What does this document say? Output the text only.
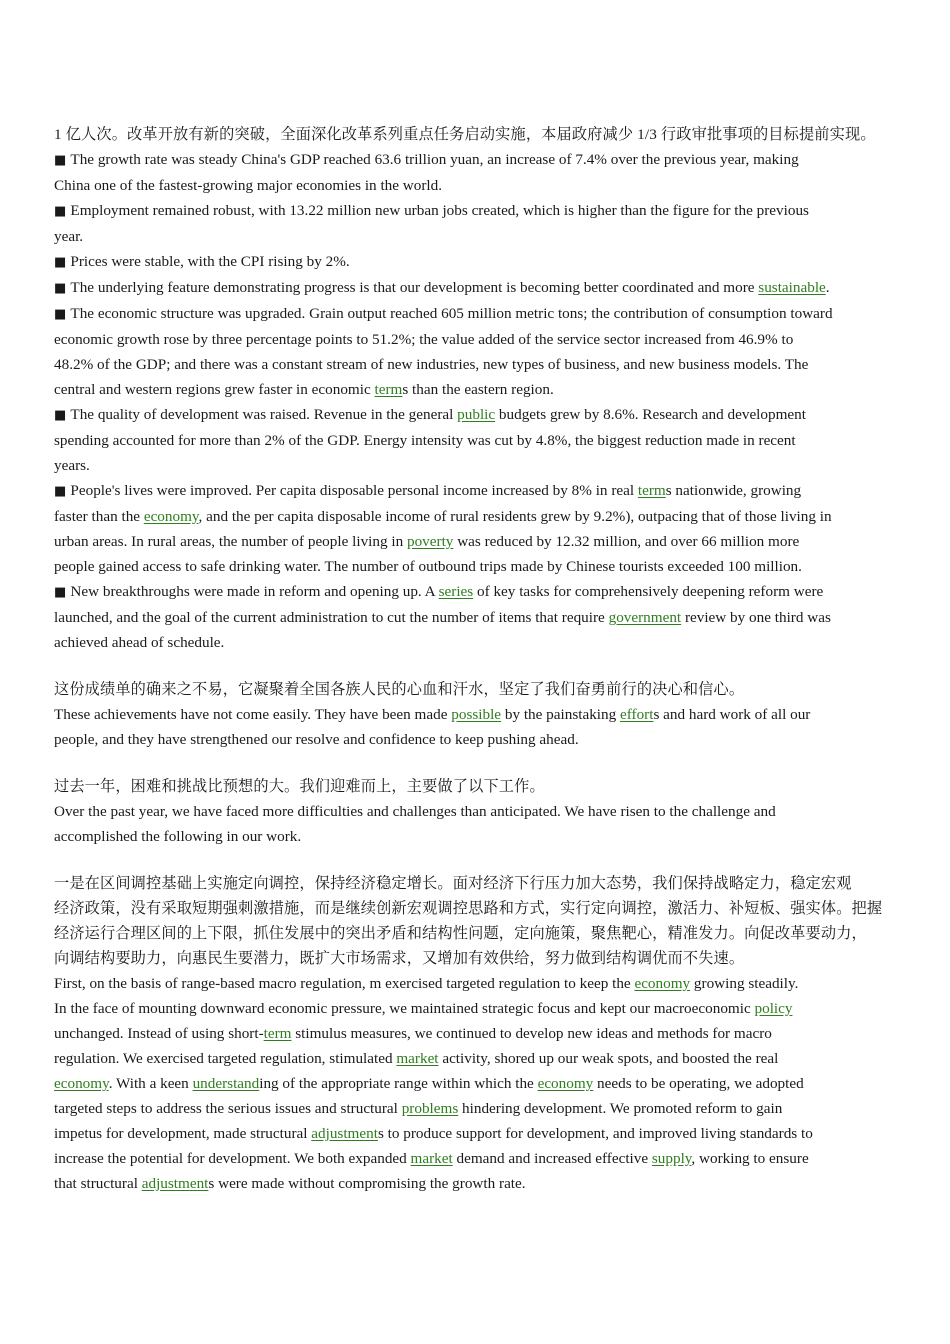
1 亿人次。改革开放有新的突破，全面深化改革系列重点任务启动实施，本届政府减少 1/3 行政审批事项的目标提前实现。
■ The growth rate was steady China's GDP reached 63.6 trillion yuan, an increase of 7.4% over the previous year, making
China one of the fastest-growing major economies in the world.
■ Employment remained robust, with 13.22 million new urban jobs created, which is higher than the figure for the previous
year.
■ Prices were stable, with the CPI rising by 2%.
■ The underlying feature demonstrating progress is that our development is becoming better coordinated and more sustainable.
■ The economic structure was upgraded. Grain output reached 605 million metric tons; the contribution of consumption toward
economic growth rose by three percentage points to 51.2%; the value added of the service sector increased from 46.9% to
48.2% of the GDP; and there was a constant stream of new industries, new types of business, and new business models. The
central and western regions grew faster in economic terms than the eastern region.
■ The quality of development was raised. Revenue in the general public budgets grew by 8.6%. Research and development
spending accounted for more than 2% of the GDP. Energy intensity was cut by 4.8%, the biggest reduction made in recent
years.
■ People's lives were improved. Per capita disposable personal income increased by 8% in real terms nationwide, growing
faster than the economy, and the per capita disposable income of rural residents grew by 9.2%), outpacing that of those living in
urban areas. In rural areas, the number of people living in poverty was reduced by 12.32 million, and over 66 million more
people gained access to safe drinking water. The number of outbound trips made by Chinese tourists exceeded 100 million.
■ New breakthroughs were made in reform and opening up. A series of key tasks for comprehensively deepening reform were
launched, and the goal of the current administration to cut the number of items that require government review by one third was
achieved ahead of schedule.
这份成绩单的确来之不易，它凝聚着全国各族人民的心血和汗水，坚定了我们奋勇前行的决心和信心。
These achievements have not come easily. They have been made possible by the painstaking efforts and hard work of all our
people, and they have strengthened our resolve and confidence to keep pushing ahead.
过去一年，困难和挑战比预想的大。我们迎难而上，主要做了以下工作。
Over the past year, we have faced more difficulties and challenges than anticipated. We have risen to the challenge and
accomplished the following in our work.
一是在区间调控基础上实施定向调控，保持经济稳定增长。面对经济下行压力加大态势，我们保持战略定力，稳定宏观
经济政策，没有采取短期强刺激措施，而是继续创新宏观调控思路和方式，实行定向调控，激活力、补短板、强实体。把握
经济运行合理区间的上下限，抓住发展中的突出矛盾和结构性问题，定向施策，聚焦靶心，精准发力。向促改革要动力，
向调结构要助力，向惠民生要潜力，既扩大市场需求，又增加有效供给，努力做到结构调优而不失速。
First, on the basis of range-based macro regulation, m exercised targeted regulation to keep the economy growing steadily.
In the face of mounting downward economic pressure, we maintained strategic focus and kept our macroeconomic policy
unchanged. Instead of using short-term stimulus measures, we continued to develop new ideas and methods for macro
regulation. We exercised targeted regulation, stimulated market activity, shored up our weak spots, and boosted the real
economy. With a keen understanding of the appropriate range within which the economy needs to be operating, we adopted
targeted steps to address the serious issues and structural problems hindering development. We promoted reform to gain
impetus for development, made structural adjustments to produce support for development, and improved living standards to
increase the potential for development. We both expanded market demand and increased effective supply, working to ensure
that structural adjustments were made without compromising the growth rate.
